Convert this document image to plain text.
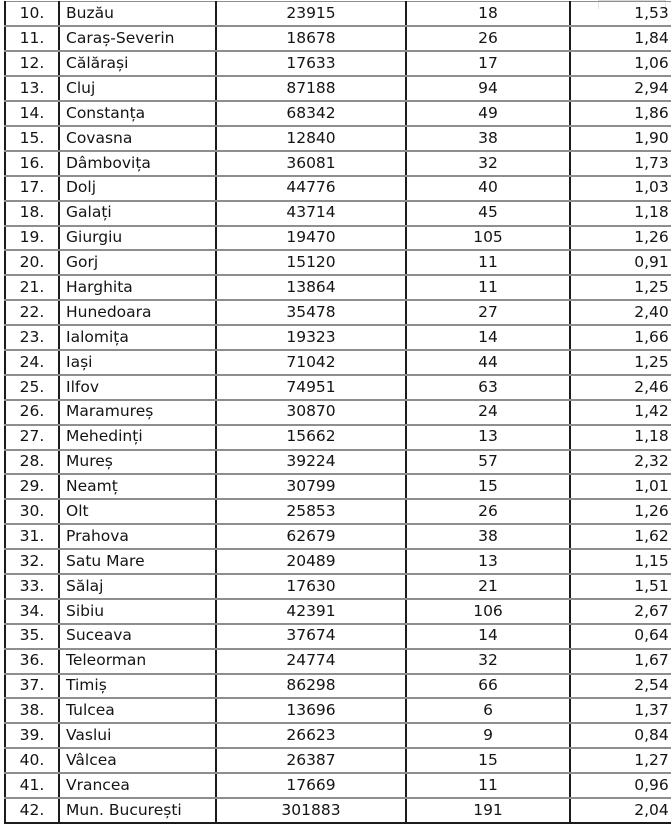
10.	Buzău	23915	18	1,53
11.	Caraș-Severin	18678	26	1,84
12.	Călărași	17633	17	1,06
13.	Cluj	87188	94	2,94
14.	Constanța	68342	49	1,86
15.	Covasna	12840	38	1,90
16.	Dâmbovița	36081	32	1,73
17.	Dolj	44776	40	1,03
18.	Galați	43714	45	1,18
19.	Giurgiu	19470	105	1,26
20.	Gorj	15120	11	0,91
21.	Harghita	13864	11	1,25
22.	Hunedoara	35478	27	2,40
23.	Ialomița	19323	14	1,66
24.	Iași	71042	44	1,25
25.	Ilfov	74951	63	2,46
26.	Maramureș	30870	24	1,42
27.	Mehedinți	15662	13	1,18
28.	Mureș	39224	57	2,32
29.	Neamț	30799	15	1,01
30.	Olt	25853	26	1,26
31.	Prahova	62679	38	1,62
32.	Satu Mare	20489	13	1,15
33.	Sălaj	17630	21	1,51
34.	Sibiu	42391	106	2,67
35.	Suceava	37674	14	0,64
36.	Teleorman	24774	32	1,67
37.	Timiș	86298	66	2,54
38.	Tulcea	13696	6	1,37
39.	Vaslui	26623	9	0,84
40.	Vâlcea	26387	15	1,27
41.	Vrancea	17669	11	0,96
42.	Mun. București	301883	191	2,04
